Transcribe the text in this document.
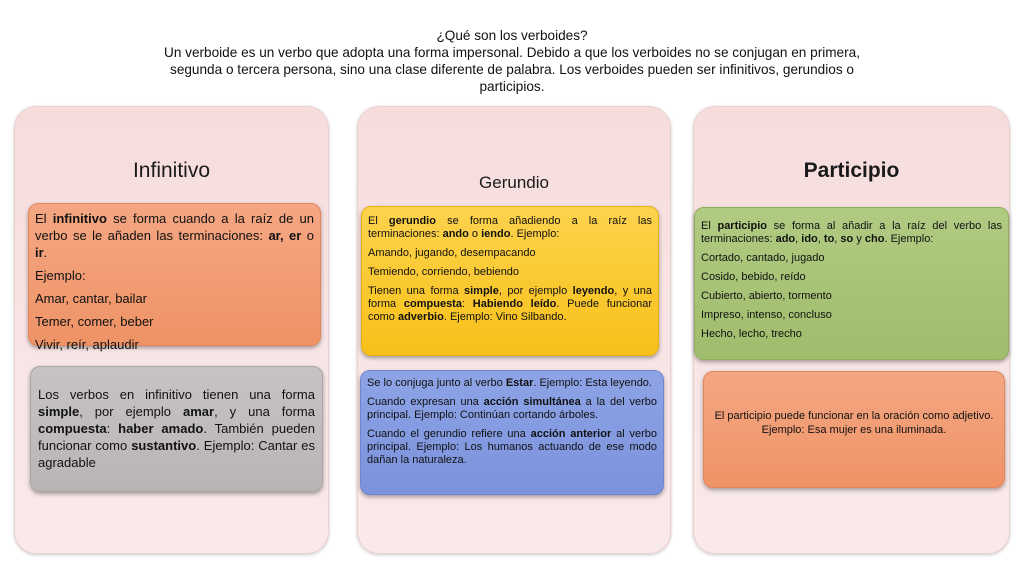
¿Qué son los verboides?
Un verboide es un verbo que adopta una forma impersonal. Debido a que los verboides no se conjugan en primera, segunda o tercera persona, sino una clase diferente de palabra. Los verboides pueden ser infinitivos, gerundios o participios.
Infinitivo

El infinitivo se forma cuando a la raíz de un verbo se le añaden las terminaciones: ar, er o ir.

Ejemplo:

Amar, cantar, bailar

Temer, comer, beber

Vivir, reír, aplaudir

Los verbos en infinitivo tienen una forma simple, por ejemplo amar, y una forma compuesta: haber amado. También pueden funcionar como sustantivo. Ejemplo: Cantar es agradable

Gerundio

El gerundio se forma añadiendo a la raíz las terminaciones: ando o iendo. Ejemplo:

Amando, jugando, desempacando

Temiendo, corriendo, bebiendo

Tienen una forma simple, por ejemplo leyendo, y una forma compuesta: Habiendo leído. Puede funcionar como adverbio. Ejemplo: Vino Silbando.

Se lo conjuga junto al verbo Estar. Ejemplo: Esta leyendo.

Cuando expresan una acción simultánea a la del verbo principal. Ejemplo: Continúan cortando árboles.

Cuando el gerundio refiere una acción anterior al verbo principal. Ejemplo: Los humanos actuando de ese modo dañan la naturaleza.

Participio

El participio se forma al añadir a la raíz del verbo las terminaciones: ado, ido, to, so y cho. Ejemplo:

Cortado, cantado, jugado

Cosido, bebido, reído

Cubierto, abierto, tormento

Impreso, intenso, concluso

Hecho, lecho, trecho

El participio puede funcionar en la oración como adjetivo. Ejemplo: Esa mujer es una iluminada.
